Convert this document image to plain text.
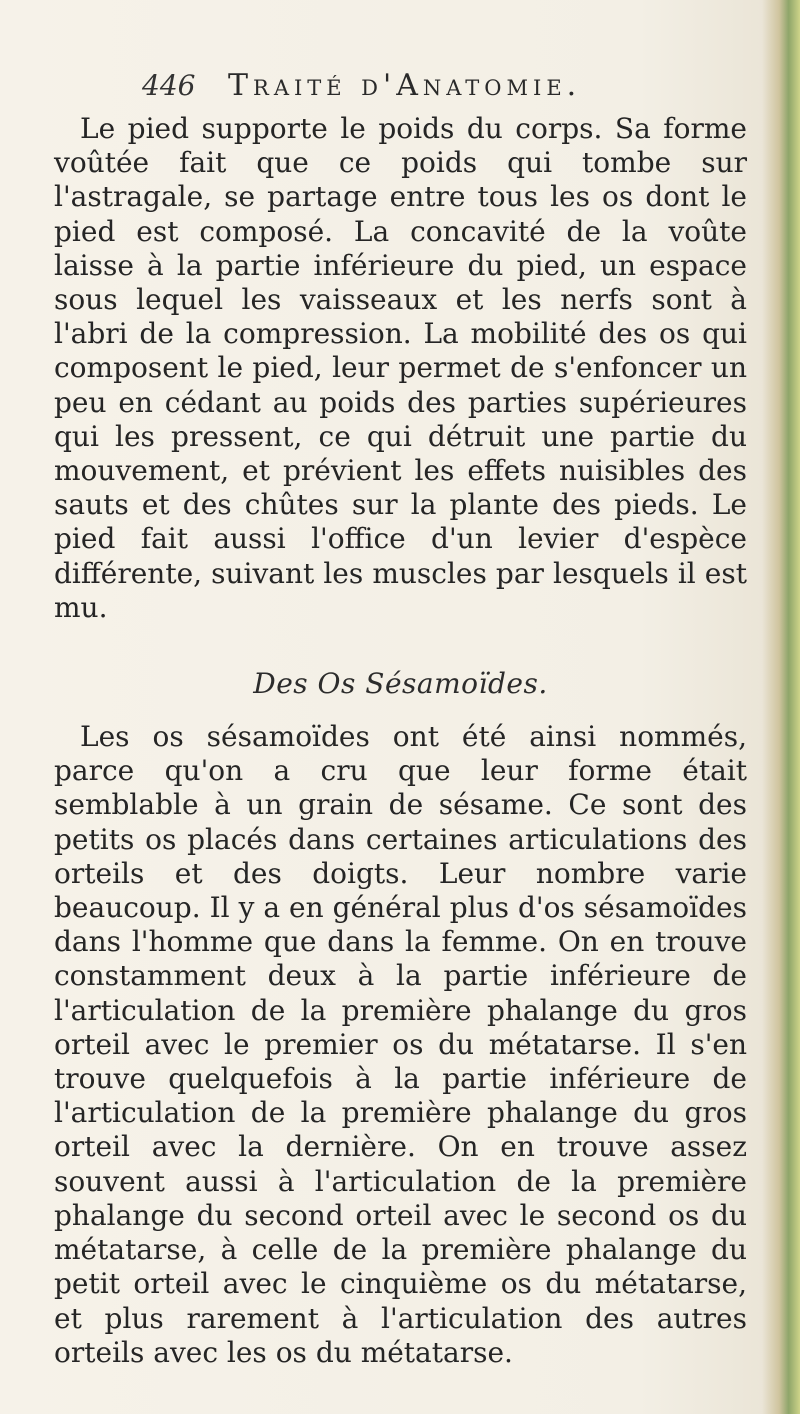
446	Traité d'Anatomie.

Le pied supporte le poids du corps. Sa forme voûtée fait que ce poids qui tombe sur l'astragale, se partage entre tous les os dont le pied est composé. La concavité de la voûte laisse à la partie inférieure du pied, un espace sous lequel les vaisseaux et les nerfs sont à l'abri de la compression. La mobilité des os qui composent le pied, leur permet de s'enfoncer un peu en cédant au poids des parties supérieures qui les pressent, ce qui détruit une partie du mouvement, et prévient les effets nuisibles des sauts et des chûtes sur la plante des pieds. Le pied fait aussi l'office d'un levier d'espèce différente, suivant les muscles par lesquels il est mu.

Des Os Sésamoïdes.

Les os sésamoïdes ont été ainsi nommés, parce qu'on a cru que leur forme était semblable à un grain de sésame. Ce sont des petits os placés dans certaines articulations des orteils et des doigts. Leur nombre varie beaucoup. Il y a en général plus d'os sésamoïdes dans l'homme que dans la femme. On en trouve constamment deux à la partie inférieure de l'articulation de la première phalange du gros orteil avec le premier os du métatarse. Il s'en trouve quelquefois à la partie inférieure de l'articulation de la première phalange du gros orteil avec la dernière. On en trouve assez souvent aussi à l'articulation de la première phalange du second orteil avec le second os du métatarse, à celle de la première phalange du petit orteil avec le cinquième os du métatarse, et plus rarement à l'articulation des autres orteils avec les os du métatarse.
